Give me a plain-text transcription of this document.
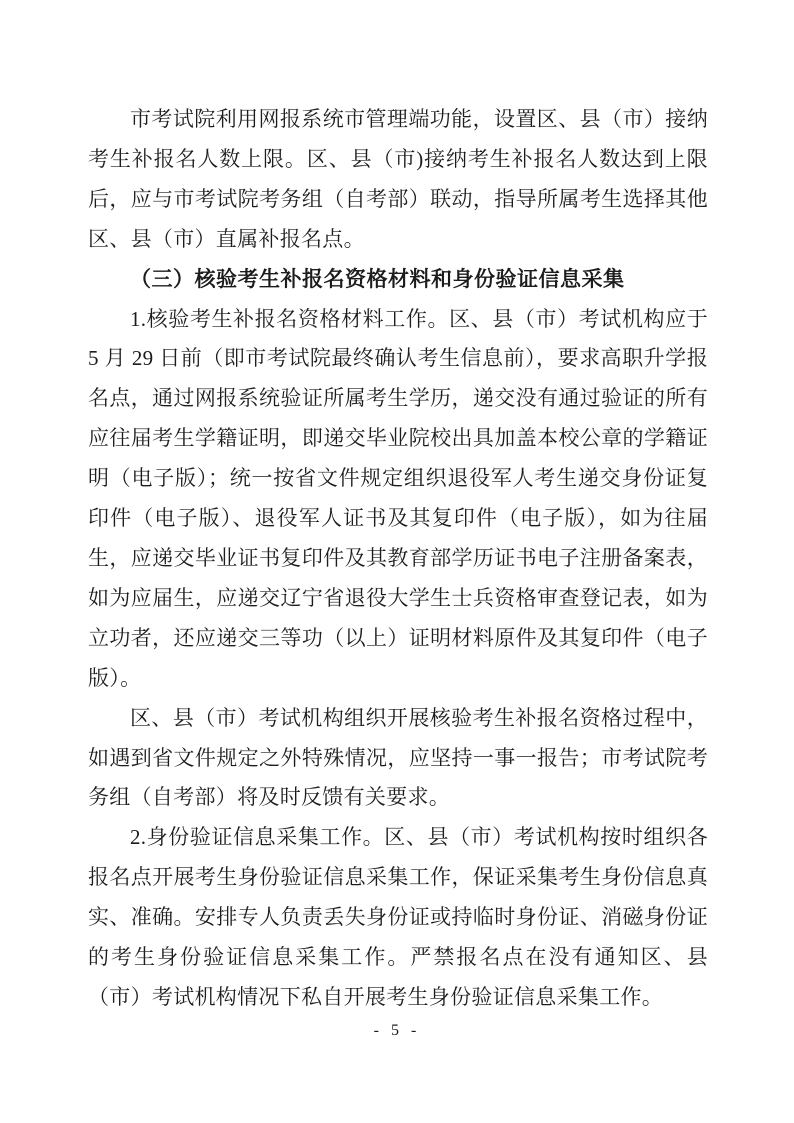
市考试院利用网报系统市管理端功能，设置区、县（市）接纳考生补报名人数上限。区、县（市)接纳考生补报名人数达到上限后，应与市考试院考务组（自考部）联动，指导所属考生选择其他区、县（市）直属补报名点。

（三）核验考生补报名资格材料和身份验证信息采集

1.核验考生补报名资格材料工作。区、县（市）考试机构应于 5 月 29 日前（即市考试院最终确认考生信息前），要求高职升学报名点，通过网报系统验证所属考生学历，递交没有通过验证的所有应往届考生学籍证明，即递交毕业院校出具加盖本校公章的学籍证明（电子版）；统一按省文件规定组织退役军人考生递交身份证复印件（电子版）、退役军人证书及其复印件（电子版），如为往届生，应递交毕业证书复印件及其教育部学历证书电子注册备案表，如为应届生，应递交辽宁省退役大学生士兵资格审查登记表，如为立功者，还应递交三等功（以上）证明材料原件及其复印件（电子版）。

区、县（市）考试机构组织开展核验考生补报名资格过程中，如遇到省文件规定之外特殊情况，应坚持一事一报告；市考试院考务组（自考部）将及时反馈有关要求。

2.身份验证信息采集工作。区、县（市）考试机构按时组织各报名点开展考生身份验证信息采集工作，保证采集考生身份信息真实、准确。安排专人负责丢失身份证或持临时身份证、消磁身份证的考生身份验证信息采集工作。严禁报名点在没有通知区、县（市）考试机构情况下私自开展考生身份验证信息采集工作。

- 5 -
